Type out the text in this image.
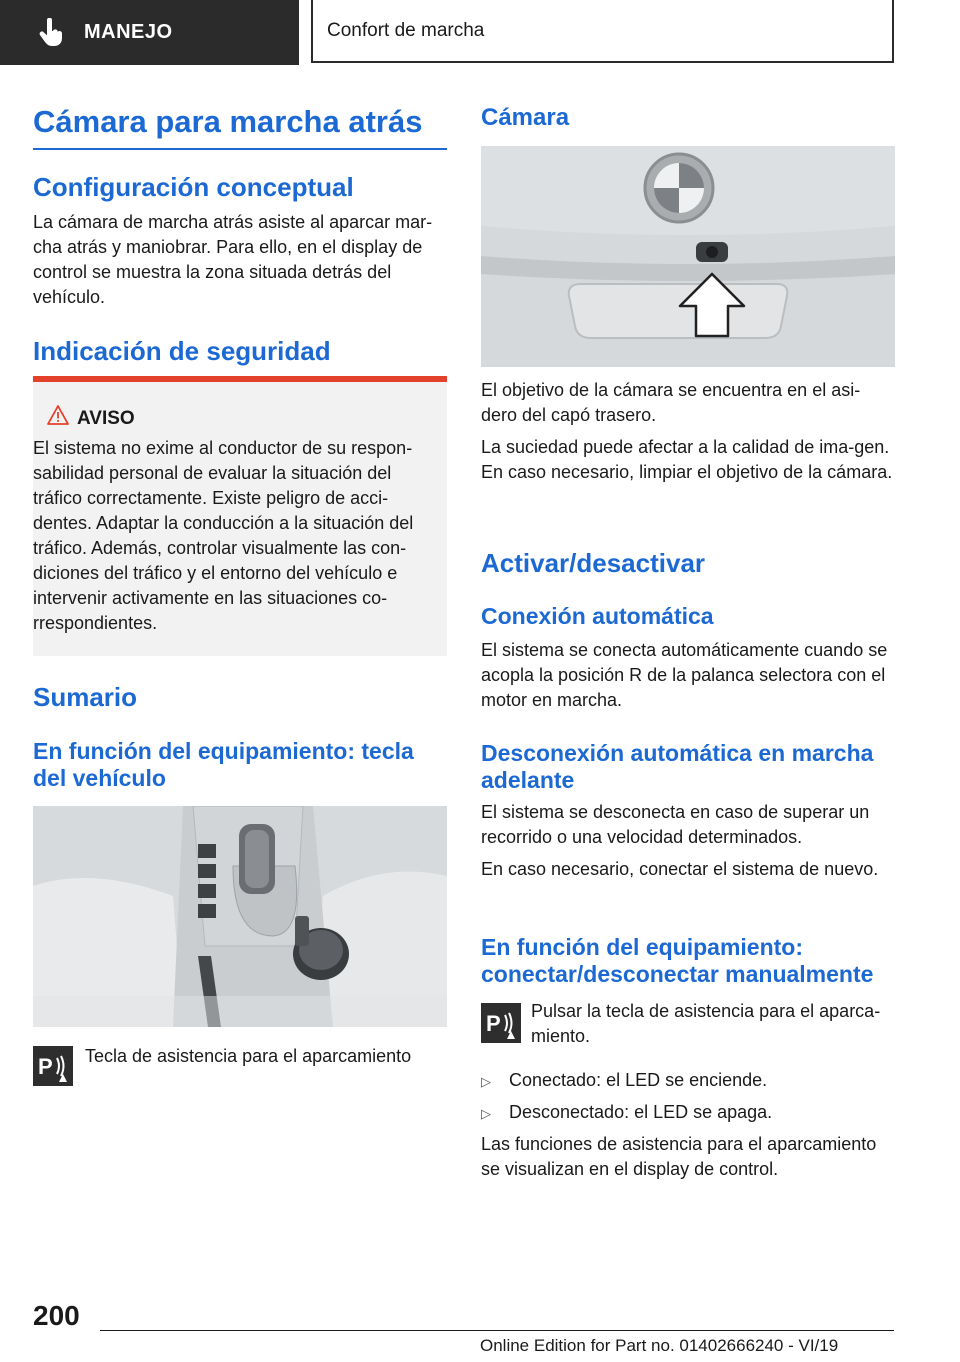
MANEJO	Confort de marcha
Cámara para marcha atrás
Configuración conceptual

La cámara de marcha atrás asiste al aparcar mar‐cha atrás y maniobrar. Para ello, en el display de control se muestra la zona situada detrás del vehículo.

Indicación de seguridad
AVISO

El sistema no exime al conductor de su respon‐sabilidad personal de evaluar la situación del tráfico correctamente. Existe peligro de acci‐dentes. Adaptar la conducción a la situación del tráfico. Además, controlar visualmente las con‐diciones del tráfico y el entorno del vehículo e intervenir activamente en las situaciones co‐rrespondientes.

Sumario
En función del equipamiento: tecla del vehículo
P Tecla de asistencia para el aparcamiento
Cámara

El objetivo de la cámara se encuentra en el asi‐dero del capó trasero.

La suciedad puede afectar a la calidad de ima‐gen. En caso necesario, limpiar el objetivo de la cámara.

Activar/desactivar
Conexión automática

El sistema se conecta automáticamente cuando se acopla la posición R de la palanca selectora con el motor en marcha.

Desconexión automática en marcha adelante

El sistema se desconecta en caso de superar un recorrido o una velocidad determinados.

En caso necesario, conectar el sistema de nuevo.

En función del equipamiento: conectar/desconectar manualmente
P Pulsar la tecla de asistencia para el aparca‐miento.

▷ Conectado: el LED se enciende.
▷ Desconectado: el LED se apaga.

Las funciones de asistencia para el aparcamiento se visualizan en el display de control.

200
Online Edition for Part no. 01402666240 - VI/19
